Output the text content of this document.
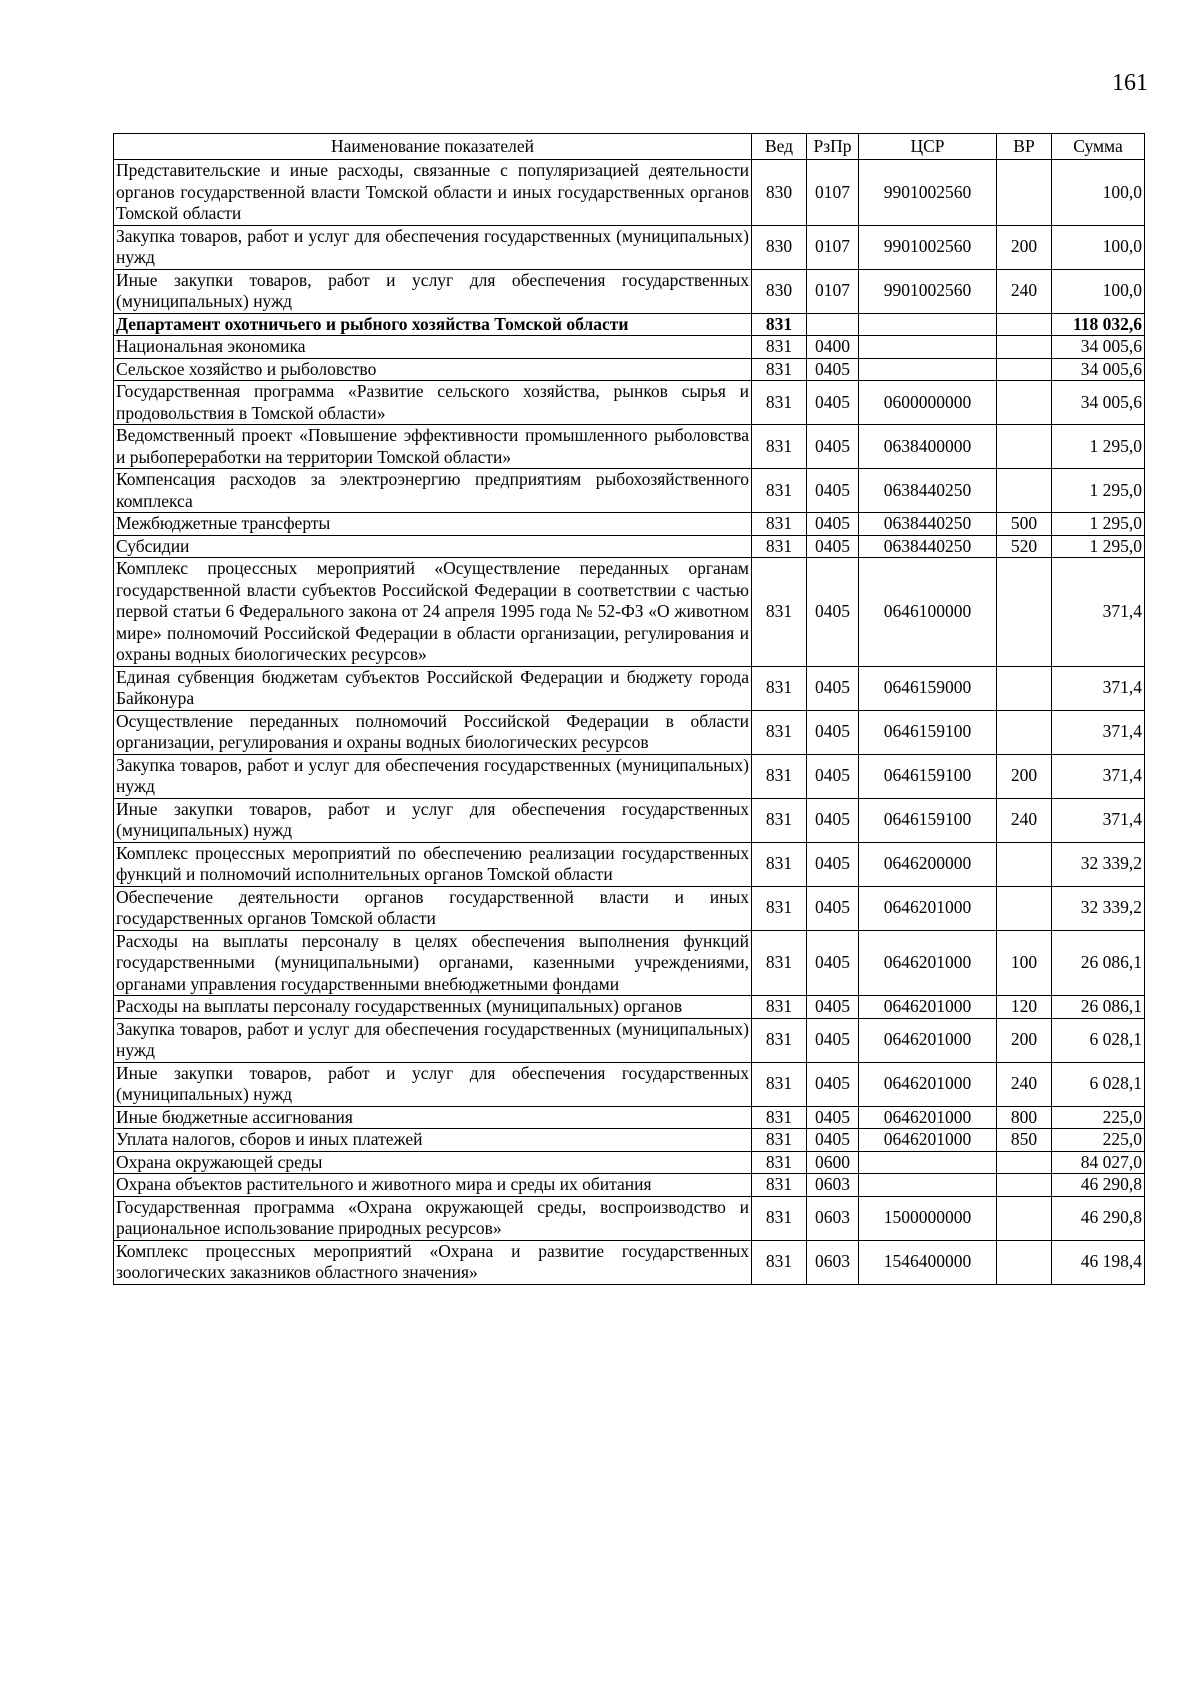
161
Наименование показателей	Вед	РзПр	ЦСР	ВР	Сумма
Представительские и иные расходы, связанные с популяризацией деятельности органов государственной власти Томской области и иных государственных органов Томской области	830	0107	9901002560		100,0
Закупка товаров, работ и услуг для обеспечения государственных (муниципальных) нужд	830	0107	9901002560	200	100,0
Иные закупки товаров, работ и услуг для обеспечения государственных (муниципальных) нужд	830	0107	9901002560	240	100,0
Департамент охотничьего и рыбного хозяйства Томской области	831				118 032,6
Национальная экономика	831	0400			34 005,6
Сельское хозяйство и рыболовство	831	0405			34 005,6
Государственная программа «Развитие сельского хозяйства, рынков сырья и продовольствия в Томской области»	831	0405	0600000000		34 005,6
Ведомственный проект «Повышение эффективности промышленного рыболовства и рыбопереработки на территории Томской области»	831	0405	0638400000		1 295,0
Компенсация расходов за электроэнергию предприятиям рыбохозяйственного комплекса	831	0405	0638440250		1 295,0
Межбюджетные трансферты	831	0405	0638440250	500	1 295,0
Субсидии	831	0405	0638440250	520	1 295,0
Комплекс процессных мероприятий «Осуществление переданных органам государственной власти субъектов Российской Федерации в соответствии с частью первой статьи 6 Федерального закона от 24 апреля 1995 года № 52-ФЗ «О животном мире» полномочий Российской Федерации в области организации, регулирования и охраны водных биологических ресурсов»	831	0405	0646100000		371,4
Единая субвенция бюджетам субъектов Российской Федерации и бюджету города Байконура	831	0405	0646159000		371,4
Осуществление переданных полномочий Российской Федерации в области организации, регулирования и охраны водных биологических ресурсов	831	0405	0646159100		371,4
Закупка товаров, работ и услуг для обеспечения государственных (муниципальных) нужд	831	0405	0646159100	200	371,4
Иные закупки товаров, работ и услуг для обеспечения государственных (муниципальных) нужд	831	0405	0646159100	240	371,4
Комплекс процессных мероприятий по обеспечению реализации государственных функций и полномочий исполнительных органов Томской области	831	0405	0646200000		32 339,2
Обеспечение деятельности органов государственной власти и иных государственных органов Томской области	831	0405	0646201000		32 339,2
Расходы на выплаты персоналу в целях обеспечения выполнения функций государственными (муниципальными) органами, казенными учреждениями, органами управления государственными внебюджетными фондами	831	0405	0646201000	100	26 086,1
Расходы на выплаты персоналу государственных (муниципальных) органов	831	0405	0646201000	120	26 086,1
Закупка товаров, работ и услуг для обеспечения государственных (муниципальных) нужд	831	0405	0646201000	200	6 028,1
Иные закупки товаров, работ и услуг для обеспечения государственных (муниципальных) нужд	831	0405	0646201000	240	6 028,1
Иные бюджетные ассигнования	831	0405	0646201000	800	225,0
Уплата налогов, сборов и иных платежей	831	0405	0646201000	850	225,0
Охрана окружающей среды	831	0600			84 027,0
Охрана объектов растительного и животного мира и среды их обитания	831	0603			46 290,8
Государственная программа «Охрана окружающей среды, воспроизводство и рациональное использование природных ресурсов»	831	0603	1500000000		46 290,8
Комплекс процессных мероприятий «Охрана и развитие государственных зоологических заказников областного значения»	831	0603	1546400000		46 198,4
